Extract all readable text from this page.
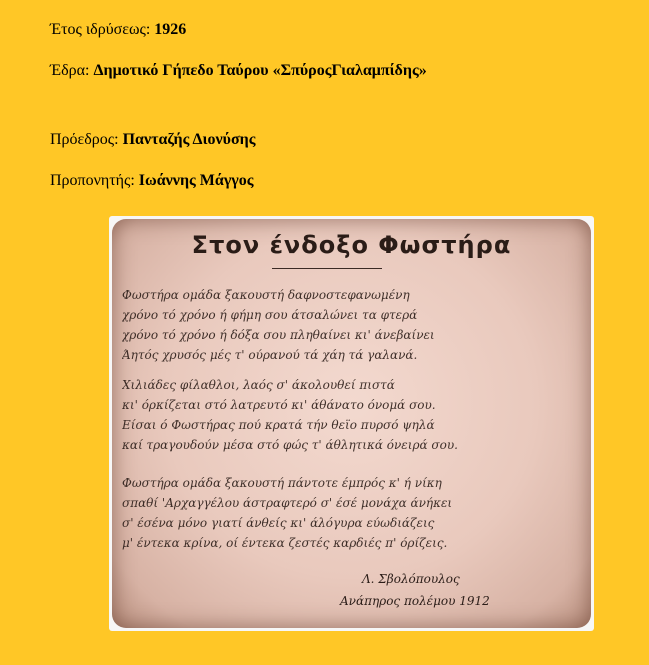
Έτος ιδρύσεως: 1926
Έδρα: Δημοτικό Γήπεδο Ταύρου «ΣπύροςΓιαλαμπίδης»
Πρόεδρος: Πανταζής Διονύσης
Προπονητής: Ιωάννης Μάγγος
Στον ένδοξο Φωστήρα
Φωστήρα ομάδα ξακουστή δαφνοστεφανωμένη
χρόνο τό χρόνο ή φήμη σου άτσαλώνει τα φτερά
χρόνο τό χρόνο ή δόξα σου πληθαίνει κι' άνεβαίνει
Άητός χρυσός μές τ' ούρανού τά χάη τά γαλανά.
Χιλιάδες φίλαθλοι, λαός σ' άκολουθεί πιστά
κι' όρκίζεται στό λατρευτό κι' άθάνατο όνομά σου.
Είσαι ό Φωστήρας πού κρατά τήν θεϊο πυρσό ψηλά
καί τραγουδούν μέσα στό φώς τ' άθλητικά όνειρά σου.
Φωστήρα ομάδα ξακουστή πάντοτε έμπρός κ' ή νίκη
σπαθί 'Αρχαγγέλου άστραφτερό σ' έσέ μονάχα άνήκει
σ' έσένα μόνο γιατί άνθείς κι' άλόγυρα εύωδιάζεις
μ' έντεκα κρίνα, οί έντεκα ζεστές καρδιές π' όρίζεις.
Λ. Σβολόπουλος
Ανάπηρος πολέμου 1912
